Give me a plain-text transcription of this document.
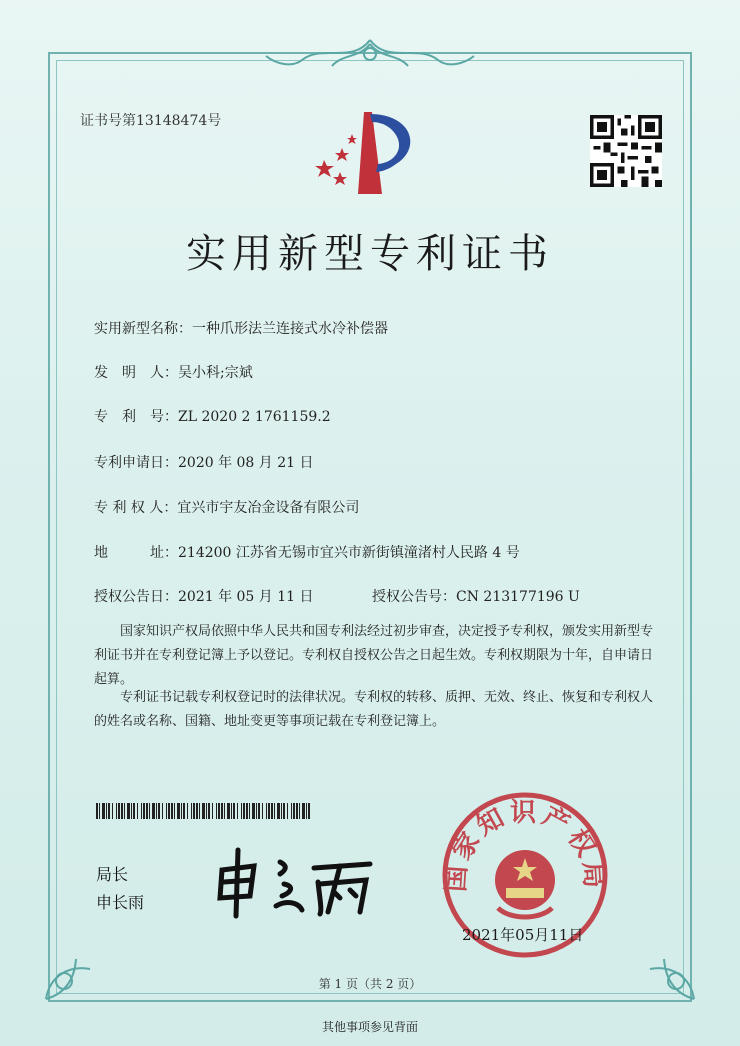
证书号第13148474号
实用新型专利证书
实用新型名称：一种爪形法兰连接式水冷补偿器
发　明　人：吴小科;宗斌
专　利　号：ZL 2020 2 1761159.2
专利申请日：2020 年 08 月 21 日
专 利 权 人：宜兴市宇友冶金设备有限公司
地　　　址：214200 江苏省无锡市宜兴市新街镇潼渚村人民路 4 号
授权公告日：2021 年 05 月 11 日	授权公告号：CN 213177196 U
　　国家知识产权局依照中华人民共和国专利法经过初步审查，决定授予专利权，颁发实用新型专利证书并在专利登记簿上予以登记。专利权自授权公告之日起生效。专利权期限为十年，自申请日起算。
　　专利证书记载专利权登记时的法律状况。专利权的转移、质押、无效、终止、恢复和专利权人的姓名或名称、国籍、地址变更等事项记载在专利登记簿上。
局长
申长雨
国家知识产权局
2021年05月11日
第 1 页（共 2 页）
其他事项参见背面
